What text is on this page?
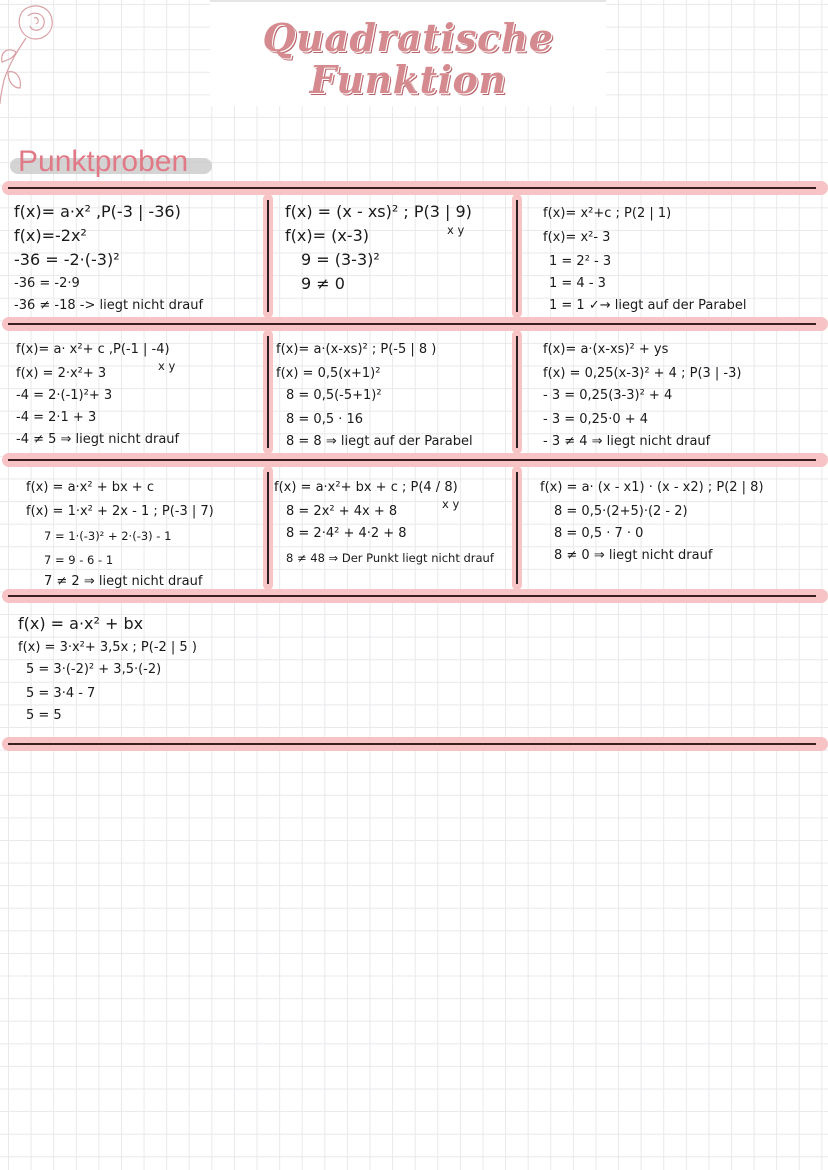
Quadratische
Funktion
Punktproben
f(x)= a·x² ,P(-3 | -36)
f(x)=-2x²
-36 = -2·(-3)²
-36 = -2·9
-36 ≠ -18 -> liegt nicht drauf
f(x) = (x - xs)² ; P(3 | 9)
x y
f(x)= (x-3)
9 = (3-3)²
9 ≠ 0
f(x)= x²+c ; P(2 | 1)
f(x)= x²- 3
1 = 2² - 3
1 = 4 - 3
1 = 1 ✓→ liegt auf der Parabel
f(x)= a· x²+ c ,P(-1 | -4)
x y
f(x) = 2·x²+ 3
-4 = 2·(-1)²+ 3
-4 = 2·1 + 3
-4 ≠ 5 ⇒ liegt nicht drauf
f(x)= a·(x-xs)² ; P(-5 | 8 )
f(x) = 0,5(x+1)²
8 = 0,5(-5+1)²
8 = 0,5 · 16
8 = 8 ⇒ liegt auf der Parabel
f(x)= a·(x-xs)² + ys
f(x) = 0,25(x-3)² + 4 ; P(3 | -3)
- 3 = 0,25(3-3)² + 4
- 3 = 0,25·0 + 4
- 3 ≠ 4 ⇒ liegt nicht drauf
f(x) = a·x² + bx + c
f(x) = 1·x² + 2x - 1 ; P(-3 | 7)
7 = 1·(-3)² + 2·(-3) - 1
7 = 9 - 6 - 1
7 ≠ 2 ⇒ liegt nicht drauf
f(x) = a·x²+ bx + c ; P(4 / 8)
x y
8 = 2x² + 4x + 8
8 = 2·4² + 4·2 + 8
8 ≠ 48 ⇒ Der Punkt liegt nicht drauf
f(x) = a· (x - x1) · (x - x2) ; P(2 | 8)
8 = 0,5·(2+5)·(2 - 2)
8 = 0,5 · 7 · 0
8 ≠ 0 ⇒ liegt nicht drauf
f(x) = a·x² + bx
f(x) = 3·x²+ 3,5x ; P(-2 | 5 )
5 = 3·(-2)² + 3,5·(-2)
5 = 3·4 - 7
5 = 5
